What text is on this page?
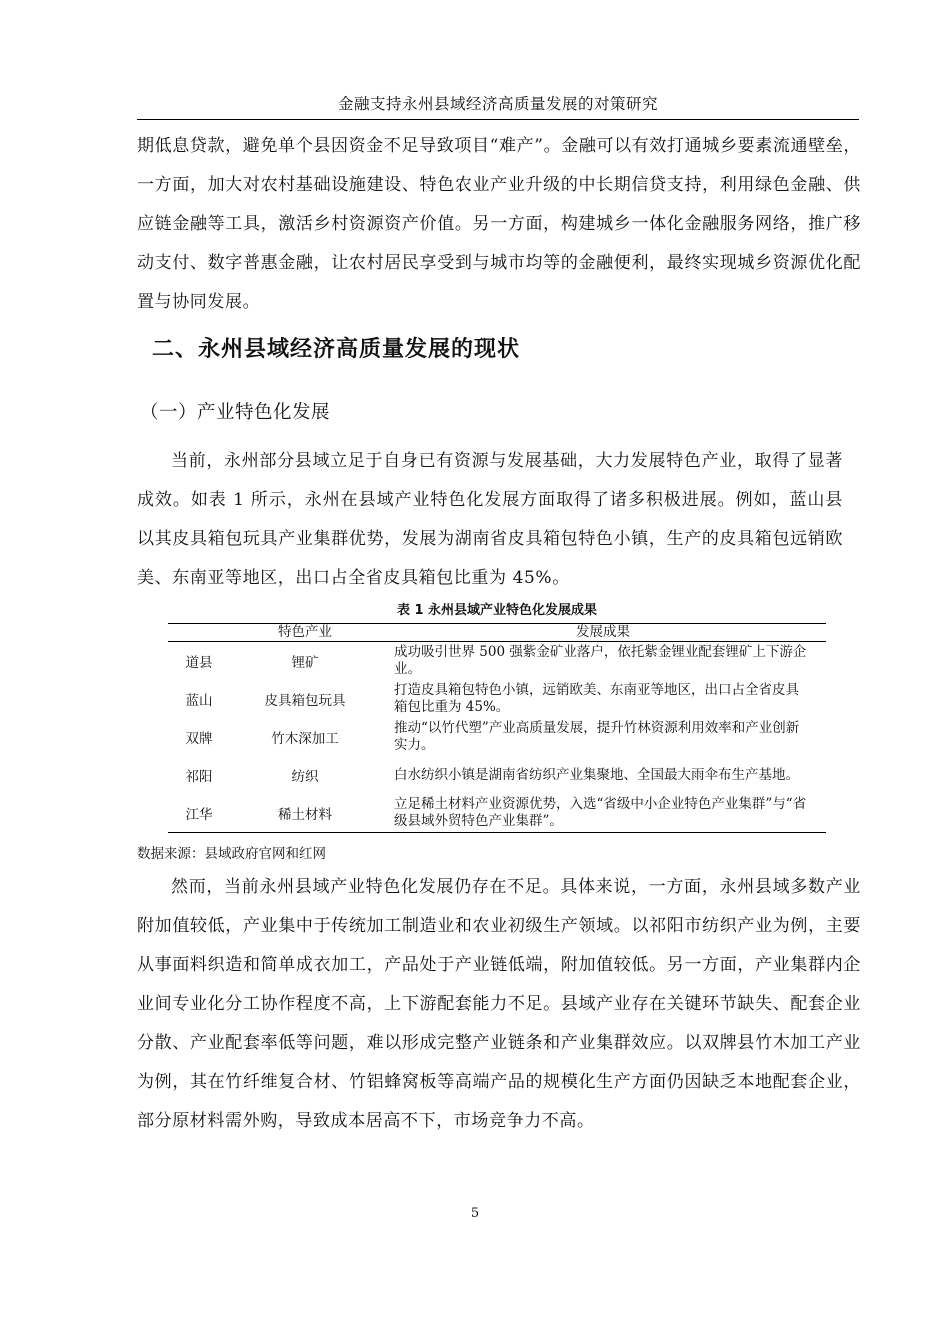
金融支持永州县域经济高质量发展的对策研究

期低息贷款，避免单个县因资金不足导致项目“难产”。金融可以有效打通城乡要素流通壁垒，一方面，加大对农村基础设施建设、特色农业产业升级的中长期信贷支持，利用绿色金融、供应链金融等工具，激活乡村资源资产价值。另一方面，构建城乡一体化金融服务网络，推广移动支付、数字普惠金融，让农村居民享受到与城市均等的金融便利，最终实现城乡资源优化配置与协同发展。

二、永州县域经济高质量发展的现状
（一）产业特色化发展

当前，永州部分县域立足于自身已有资源与发展基础，大力发展特色产业，取得了显著成效。如表 1 所示，永州在县域产业特色化发展方面取得了诸多积极进展。例如，蓝山县以其皮具箱包玩具产业集群优势，发展为湖南省皮具箱包特色小镇，生产的皮具箱包远销欧美、东南亚等地区，出口占全省皮具箱包比重为 45%。

表 1 永州县域产业特色化发展成果
	特色产业	发展成果
道县	锂矿	成功吸引世界 500 强紫金矿业落户，依托紫金锂业配套锂矿上下游企业。
蓝山	皮具箱包玩具	打造皮具箱包特色小镇，远销欧美、东南亚等地区，出口占全省皮具箱包比重为 45%。
双牌	竹木深加工	推动“以竹代塑”产业高质量发展，提升竹林资源利用效率和产业创新实力。
祁阳	纺织	白水纺织小镇是湖南省纺织产业集聚地、全国最大雨伞布生产基地。
江华	稀土材料	立足稀土材料产业资源优势，入选“省级中小企业特色产业集群”与“省级县域外贸特色产业集群”。
数据来源：县域政府官网和红网

然而，当前永州县域产业特色化发展仍存在不足。具体来说，一方面，永州县域多数产业附加值较低，产业集中于传统加工制造业和农业初级生产领域。以祁阳市纺织产业为例，主要从事面料织造和简单成衣加工，产品处于产业链低端，附加值较低。另一方面，产业集群内企业间专业化分工协作程度不高，上下游配套能力不足。县域产业存在关键环节缺失、配套企业分散、产业配套率低等问题，难以形成完整产业链条和产业集群效应。以双牌县竹木加工产业为例，其在竹纤维复合材、竹铝蜂窝板等高端产品的规模化生产方面仍因缺乏本地配套企业，部分原材料需外购，导致成本居高不下，市场竞争力不高。

5
